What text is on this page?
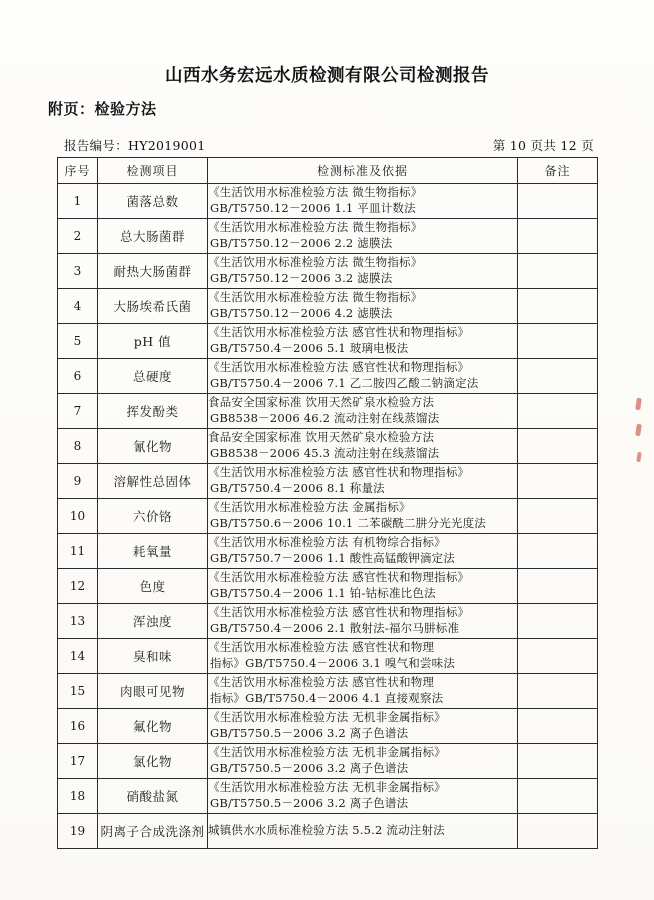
山西水务宏远水质检测有限公司检测报告
附页：检验方法
报告编号：HY2019001	第 10 页共 12 页
序号	检测项目	检测标准及依据	备注
1	菌落总数	《生活饮用水标准检验方法 微生物指标》
GB/T5750.12－2006 1.1 平皿计数法	

2	总大肠菌群	《生活饮用水标准检验方法 微生物指标》
GB/T5750.12－2006 2.2 滤膜法	

3	耐热大肠菌群	《生活饮用水标准检验方法 微生物指标》
GB/T5750.12－2006 3.2 滤膜法	

4	大肠埃希氏菌	《生活饮用水标准检验方法 微生物指标》
GB/T5750.12－2006 4.2 滤膜法	

5	pH 值	《生活饮用水标准检验方法 感官性状和物理指标》
GB/T5750.4－2006 5.1 玻璃电极法	

6	总硬度	《生活饮用水标准检验方法 感官性状和物理指标》
GB/T5750.4－2006 7.1 乙二胺四乙酸二钠滴定法	

7	挥发酚类	食品安全国家标准 饮用天然矿泉水检验方法
GB8538－2006 46.2 流动注射在线蒸馏法	

8	氰化物	食品安全国家标准 饮用天然矿泉水检验方法
GB8538－2006 45.3 流动注射在线蒸馏法	

9	溶解性总固体	《生活饮用水标准检验方法 感官性状和物理指标》
GB/T5750.4－2006 8.1 称量法	

10	六价铬	《生活饮用水标准检验方法 金属指标》
GB/T5750.6－2006 10.1 二苯碳酰二肼分光光度法	

11	耗氧量	《生活饮用水标准检验方法 有机物综合指标》
GB/T5750.7－2006 1.1 酸性高锰酸钾滴定法	

12	色度	《生活饮用水标准检验方法 感官性状和物理指标》
GB/T5750.4－2006 1.1 铂-钴标准比色法	

13	浑浊度	《生活饮用水标准检验方法 感官性状和物理指标》
GB/T5750.4－2006 2.1 散射法-福尔马肼标准	

14	臭和味	《生活饮用水标准检验方法 感官性状和物理
指标》GB/T5750.4－2006 3.1 嗅气和尝味法	

15	肉眼可见物	《生活饮用水标准检验方法 感官性状和物理
指标》GB/T5750.4－2006 4.1 直接观察法	

16	氟化物	《生活饮用水标准检验方法 无机非金属指标》
GB/T5750.5－2006 3.2 离子色谱法	

17	氯化物	《生活饮用水标准检验方法 无机非金属指标》
GB/T5750.5－2006 3.2 离子色谱法	

18	硝酸盐氮	《生活饮用水标准检验方法 无机非金属指标》
GB/T5750.5－2006 3.2 离子色谱法	

19	阴离子合成洗涤剂	城镇供水水质标准检验方法 5.5.2 流动注射法	
